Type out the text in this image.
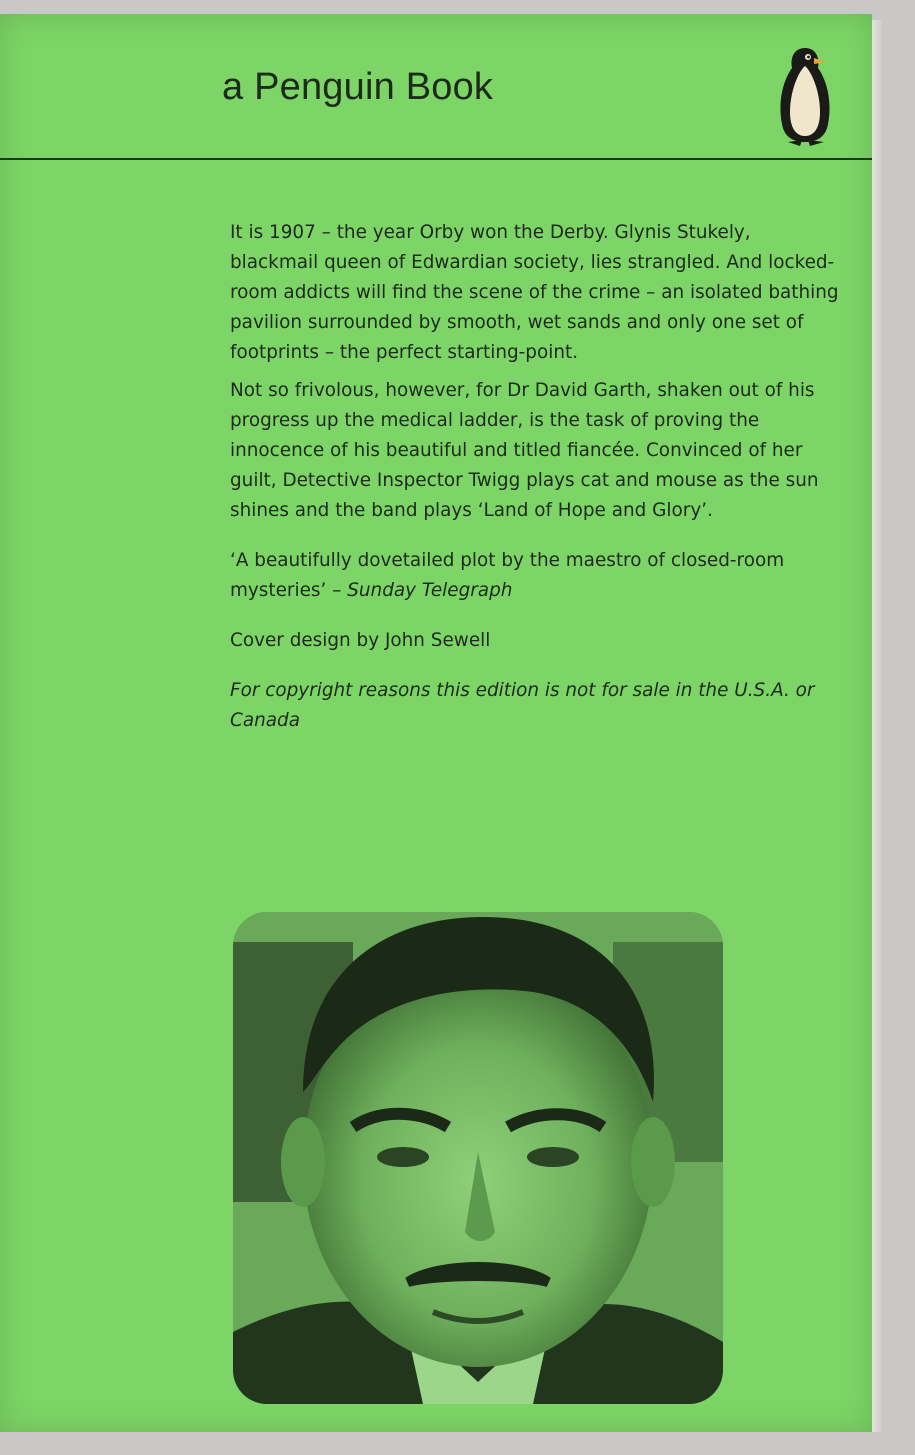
a Penguin Book

It is 1907 – the year Orby won the Derby. Glynis Stukely, blackmail queen of Edwardian society, lies strangled. And locked-room addicts will find the scene of the crime – an isolated bathing pavilion surrounded by smooth, wet sands and only one set of footprints – the perfect starting-point.

Not so frivolous, however, for Dr David Garth, shaken out of his progress up the medical ladder, is the task of proving the innocence of his beautiful and titled fiancée. Convinced of her guilt, Detective Inspector Twigg plays cat and mouse as the sun shines and the band plays ‘Land of Hope and Glory’.

‘A beautifully dovetailed plot by the maestro of closed-room mysteries’ – Sunday Telegraph

Cover design by John Sewell

For copyright reasons this edition is not for sale in the U.S.A. or Canada
